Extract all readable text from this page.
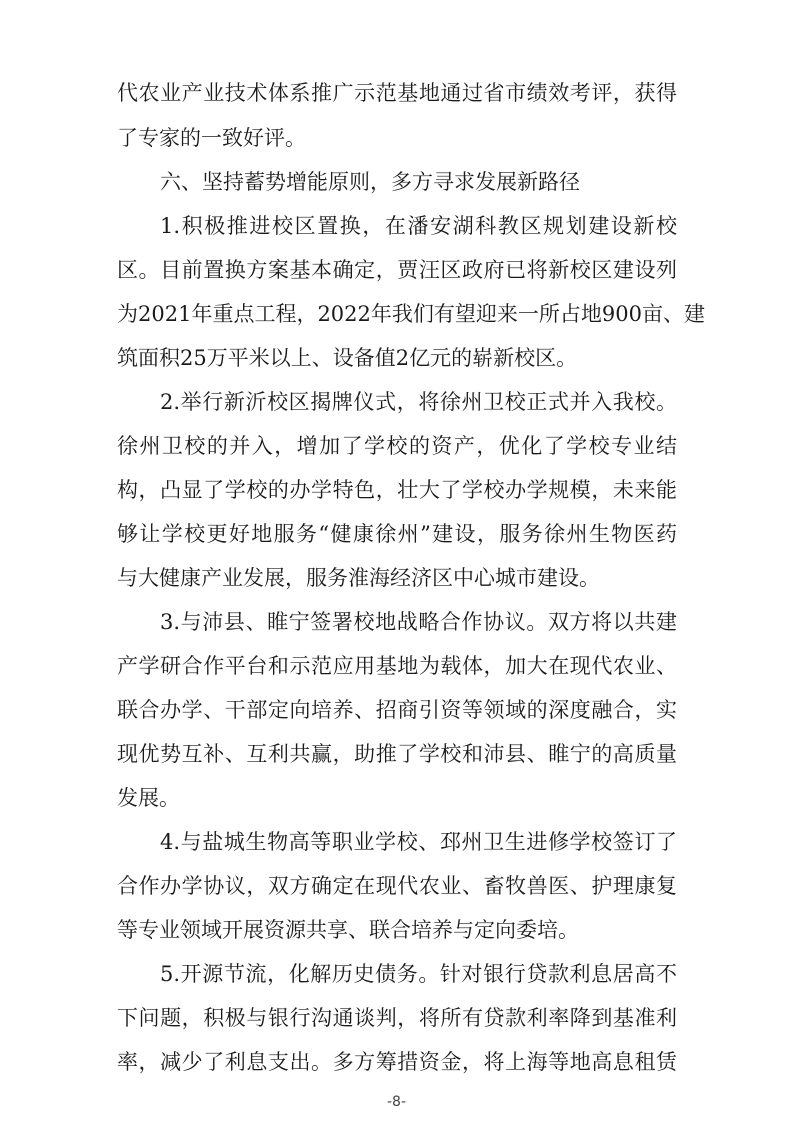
代农业产业技术体系推广示范基地通过省市绩效考评，获得
了专家的一致好评。
六、坚持蓄势增能原则，多方寻求发展新路径
1.积极推进校区置换，在潘安湖科教区规划建设新校
区。目前置换方案基本确定，贾汪区政府已将新校区建设列
为2021年重点工程，2022年我们有望迎来一所占地900亩、建
筑面积25万平米以上、设备值2亿元的崭新校区。
2.举行新沂校区揭牌仪式，将徐州卫校正式并入我校。
徐州卫校的并入，增加了学校的资产，优化了学校专业结
构，凸显了学校的办学特色，壮大了学校办学规模，未来能
够让学校更好地服务“健康徐州”建设，服务徐州生物医药
与大健康产业发展，服务淮海经济区中心城市建设。
3.与沛县、睢宁签署校地战略合作协议。双方将以共建
产学研合作平台和示范应用基地为载体，加大在现代农业、
联合办学、干部定向培养、招商引资等领域的深度融合，实
现优势互补、互利共赢，助推了学校和沛县、睢宁的高质量
发展。
4.与盐城生物高等职业学校、邳州卫生进修学校签订了
合作办学协议，双方确定在现代农业、畜牧兽医、护理康复
等专业领域开展资源共享、联合培养与定向委培。
5.开源节流，化解历史债务。针对银行贷款利息居高不
下问题，积极与银行沟通谈判，将所有贷款利率降到基准利
率，减少了利息支出。多方筹措资金，将上海等地高息租赁
-8-
